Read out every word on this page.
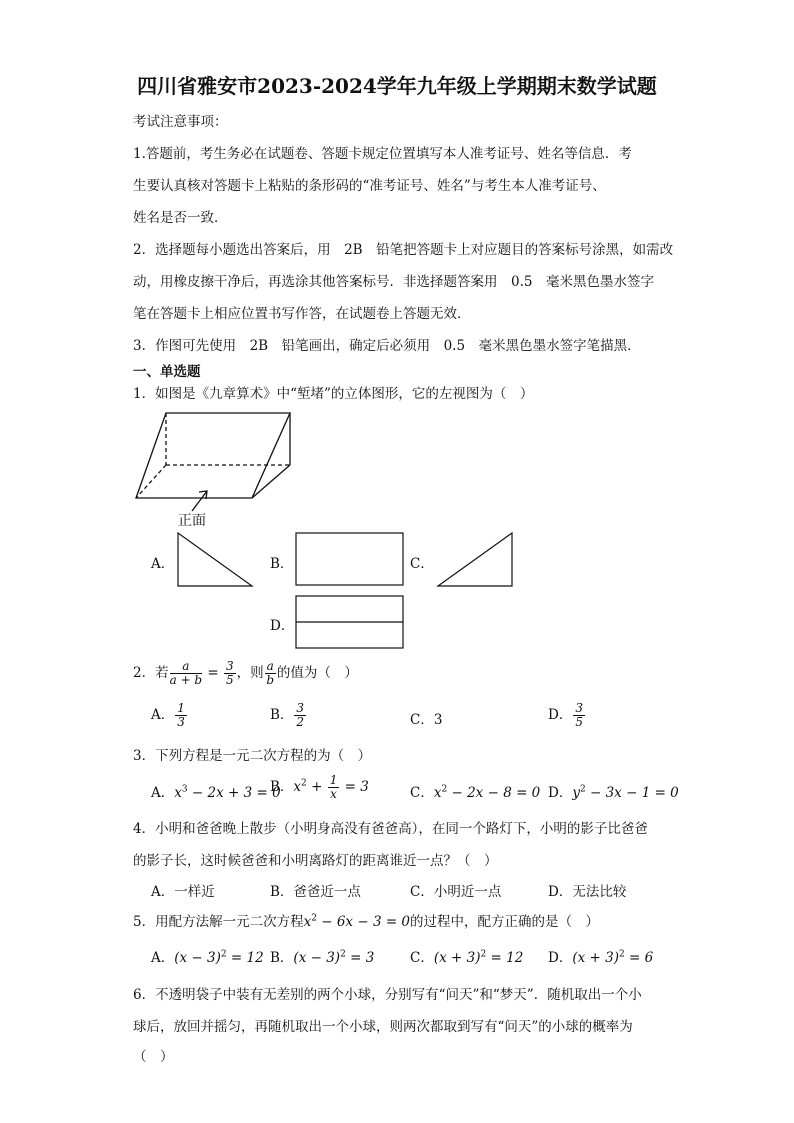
四川省雅安市2023-2024学年九年级上学期期末数学试题
考试注意事项：
1.答题前，考生务必在试题卷、答题卡规定位置填写本人准考证号、姓名等信息．考
生要认真核对答题卡上粘贴的条形码的“准考证号、姓名”与考生本人准考证号、
姓名是否一致．
2．选择题每小题选出答案后，用　2B　铅笔把答题卡上对应题目的答案标号涂黑，如需改
动，用橡皮擦干净后，再选涂其他答案标号．非选择题答案用　0.5　毫米黑色墨水签字
笔在答题卡上相应位置书写作答，在试题卷上答题无效．
3．作图可先使用　2B　铅笔画出，确定后必须用　0.5　毫米黑色墨水签字笔描黑．
一、单选题
1．如图是《九章算术》中“堑堵”的立体图形，它的左视图为（　）
正面
A．	B．	C．
D．
2．若 $\frac{a}{a + b} = \frac{3}{5}$ ，则 $\frac{a}{b}$ 的值为（　）
A． $\frac{1}{3}$	B． $\frac{3}{2}$	C．3	D． $\frac{3}{5}$
3．下列方程是一元二次方程的为（　）
A．$x^3 - 2x + 3 = 0$
B．$x^2 + \frac{1}{x} = 3$	C．$x^2 - 2x - 8 = 0$ D．$y^2 - 3x - 1 = 0$
4．小明和爸爸晚上散步（小明身高没有爸爸高），在同一个路灯下，小明的影子比爸爸
的影子长，这时候爸爸和小明离路灯的距离谁近一点？（　）
A．一样近	B．爸爸近一点	C．小明近一点	D．无法比较
5．用配方法解一元二次方程$x^2 - 6x - 3 = 0$的过程中，配方正确的是（　）
A．$(x - 3)^2 = 12$ B．$(x - 3)^2 = 3$	C．$(x + 3)^2 = 12$ D．$(x + 3)^2 = 6$
6．不透明袋子中装有无差别的两个小球，分别写有“问天”和“梦天”．随机取出一个小
球后，放回并摇匀，再随机取出一个小球，则两次都取到写有“问天”的小球的概率为
（　）
